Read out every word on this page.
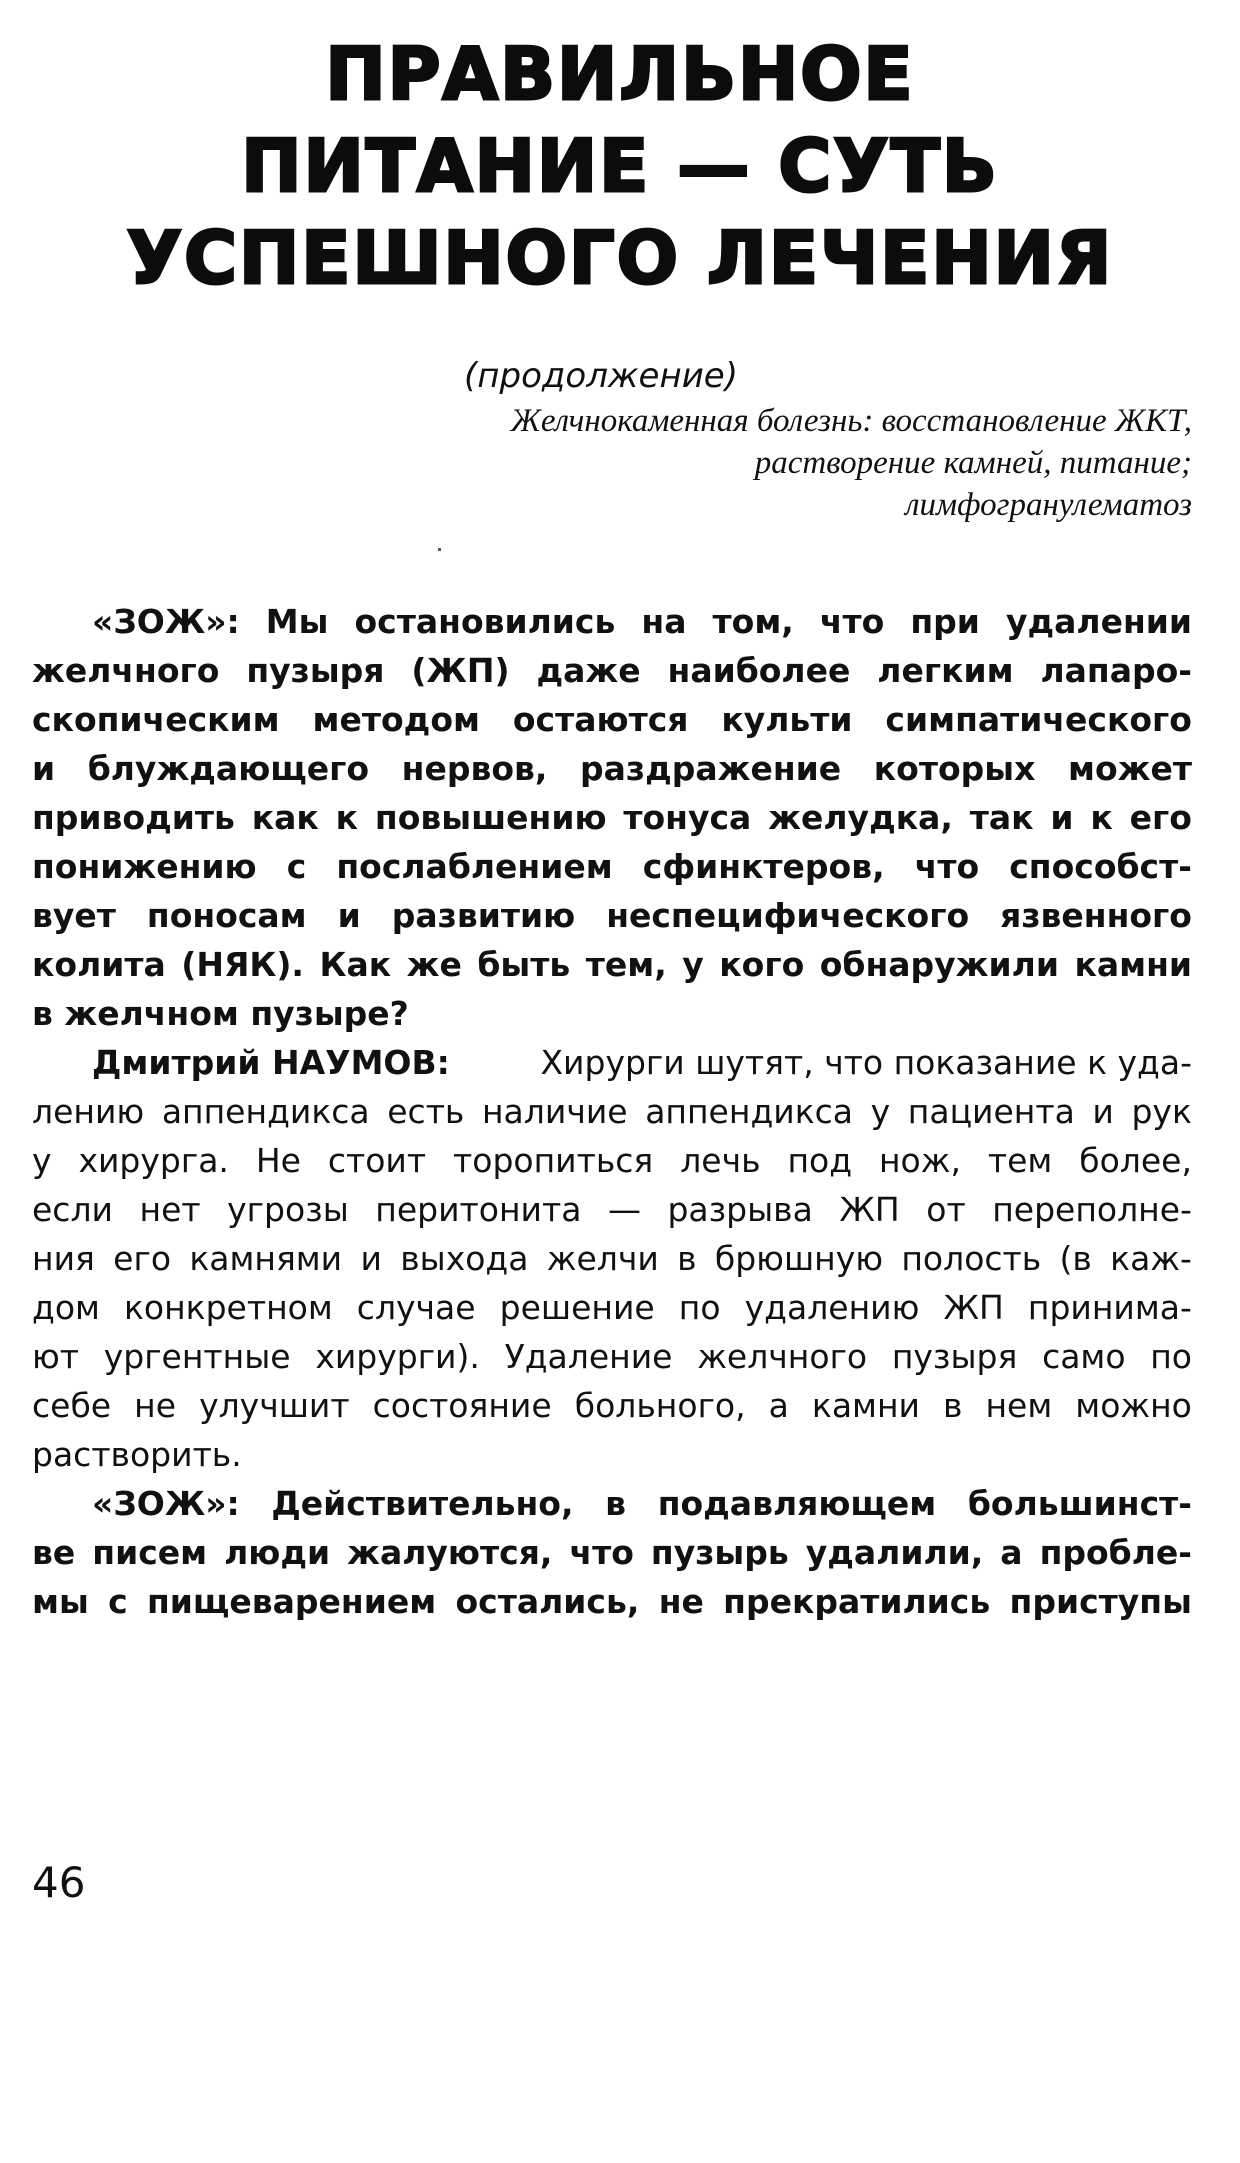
ПРАВИЛЬНОЕ
ПИТАНИЕ — СУТЬ
УСПЕШНОГО ЛЕЧЕНИЯ
(продолжение)
Желчнокаменная болезнь: восстановление ЖКТ,
растворение камней, питание;
лимфогранулематоз
«ЗОЖ»: Мы остановились на том, что при удалении
желчного пузыря (ЖП) даже наиболее легким лапаро-
скопическим методом остаются культи симпатического
и блуждающего нервов, раздражение которых может
приводить как к повышению тонуса желудка, так и к его
понижению с послаблением сфинктеров, что способст-
вует поносам и развитию неспецифического язвенного
колита (НЯК). Как же быть тем, у кого обнаружили камни
в желчном пузыре?
Дмитрий НАУМОВ:	Хирурги шутят, что показание к уда-
лению аппендикса есть наличие аппендикса у пациента и рук
у хирурга. Не стоит торопиться лечь под нож, тем более,
если нет угрозы перитонита — разрыва ЖП от переполне-
ния его камнями и выхода желчи в брюшную полость (в каж-
дом конкретном случае решение по удалению ЖП принима-
ют ургентные хирурги). Удаление желчного пузыря само по
себе не улучшит состояние больного, а камни в нем можно
растворить.
«ЗОЖ»: Действительно, в подавляющем большинст-
ве писем люди жалуются, что пузырь удалили, а пробле-
мы с пищеварением остались, не прекратились приступы
46
